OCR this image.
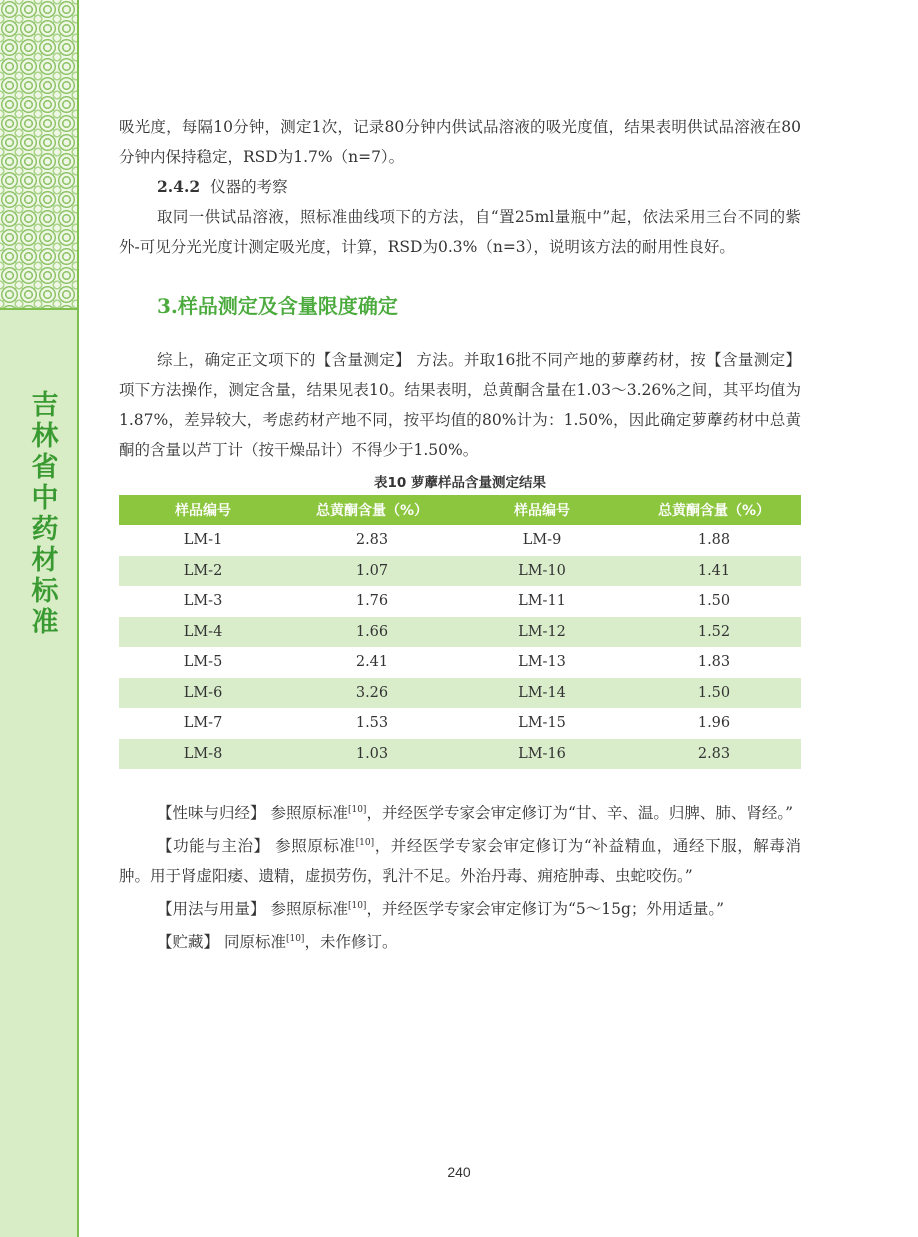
吉林省中药材标准

吸光度，每隔10分钟，测定1次，记录80分钟内供试品溶液的吸光度值，结果表明供试品溶液在80分钟内保持稳定，RSD为1.7%（n=7）。

2.4.2 仪器的考察

取同一供试品溶液，照标准曲线项下的方法，自“置25ml量瓶中”起，依法采用三台不同的紫外-可见分光光度计测定吸光度，计算，RSD为0.3%（n=3），说明该方法的耐用性良好。

3.样品测定及含量限度确定

综上，确定正文项下的【含量测定】 方法。并取16批不同产地的萝藦药材，按【含量测定】 项下方法操作，测定含量，结果见表10。结果表明，总黄酮含量在1.03～3.26%之间，其平均值为1.87%，差异较大，考虑药材产地不同，按平均值的80%计为：1.50%，因此确定萝藦药材中总黄酮的含量以芦丁计（按干燥品计）不得少于1.50%。

表10 萝藦样品含量测定结果
样品编号	总黄酮含量（%）	样品编号	总黄酮含量（%）
LM-1	2.83	LM-9	1.88
LM-2	1.07	LM-10	1.41
LM-3	1.76	LM-11	1.50
LM-4	1.66	LM-12	1.52
LM-5	2.41	LM-13	1.83
LM-6	3.26	LM-14	1.50
LM-7	1.53	LM-15	1.96
LM-8	1.03	LM-16	2.83

【性味与归经】 参照原标准[10]，并经医学专家会审定修订为“甘、辛、温。归脾、肺、肾经。”

【功能与主治】 参照原标准[10]，并经医学专家会审定修订为“补益精血，通经下服，解毒消肿。用于肾虚阳痿、遗精，虚损劳伤，乳汁不足。外治丹毒、痈疮肿毒、虫蛇咬伤。”

【用法与用量】 参照原标准[10]，并经医学专家会审定修订为“5～15g；外用适量。”

【贮藏】 同原标准[10]，未作修订。

240
